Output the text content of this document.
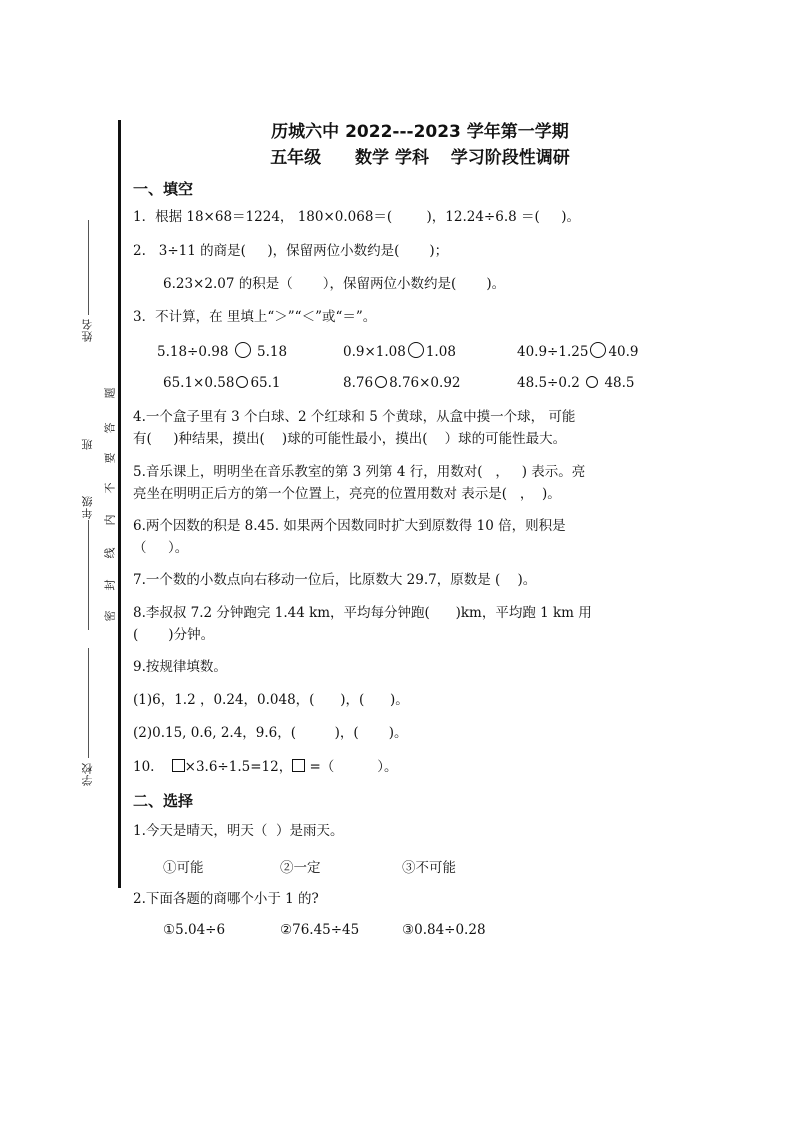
姓名
班
年级
学校
题
答
要
不
内
线
封
密
历城六中 2022---2023 学年第一学期
五年级 数学 学科 学习阶段性调研
一、填空
1．根据 18×68＝1224， 180×0.068＝(        )，12.24÷6.8 ＝(     )。
2.   3÷11 的商是(     )，保留两位小数约是(       )；
6.23×2.07 的积是（       ），保留两位小数约是(       )。
3．不计算，在 里填上“＞”“＜”或“＝”。
5.18÷0.98 5.18	0.9×1.08 1.08	40.9÷1.25 40.9
65.1×0.58 65.1	8.76 8.76×0.92	48.5÷0.2 48.5
4.一个盒子里有 3 个白球、2 个红球和 5 个黄球，从盒中摸一个球， 可能
有(     )种结果，摸出(    )球的可能性最小，摸出(    ）球的可能性最大。
5.音乐课上，明明坐在音乐教室的第 3 列第 4 行，用数对(   ，   ) 表示。亮
亮坐在明明正后方的第一个位置上，亮亮的位置用数对 表示是(   ，  )。
6.两个因数的积是 8.45. 如果两个因数同时扩大到原数得 10 倍，则积是
（     ）。
7.一个数的小数点向右移动一位后，比原数大 29.7，原数是 (    )。
8.李叔叔 7.2 分钟跑完 1.44 km，平均每分钟跑(      )km，平均跑 1 km 用
(       )分钟。
9.按规律填数。
(1)6，1.2 ，0.24，0.048，(      )，(      )。
(2)0.15, 0.6, 2.4，9.6，(         )，(       )。
10.    ×3.6÷1.5=12， =（          ）。
二、选择
1.今天是晴天，明天（  ）是雨天。
①可能	②一定	③不可能
2.下面各题的商哪个小于 1 的?
①5.04÷6	②76.45÷45	③0.84÷0.28
